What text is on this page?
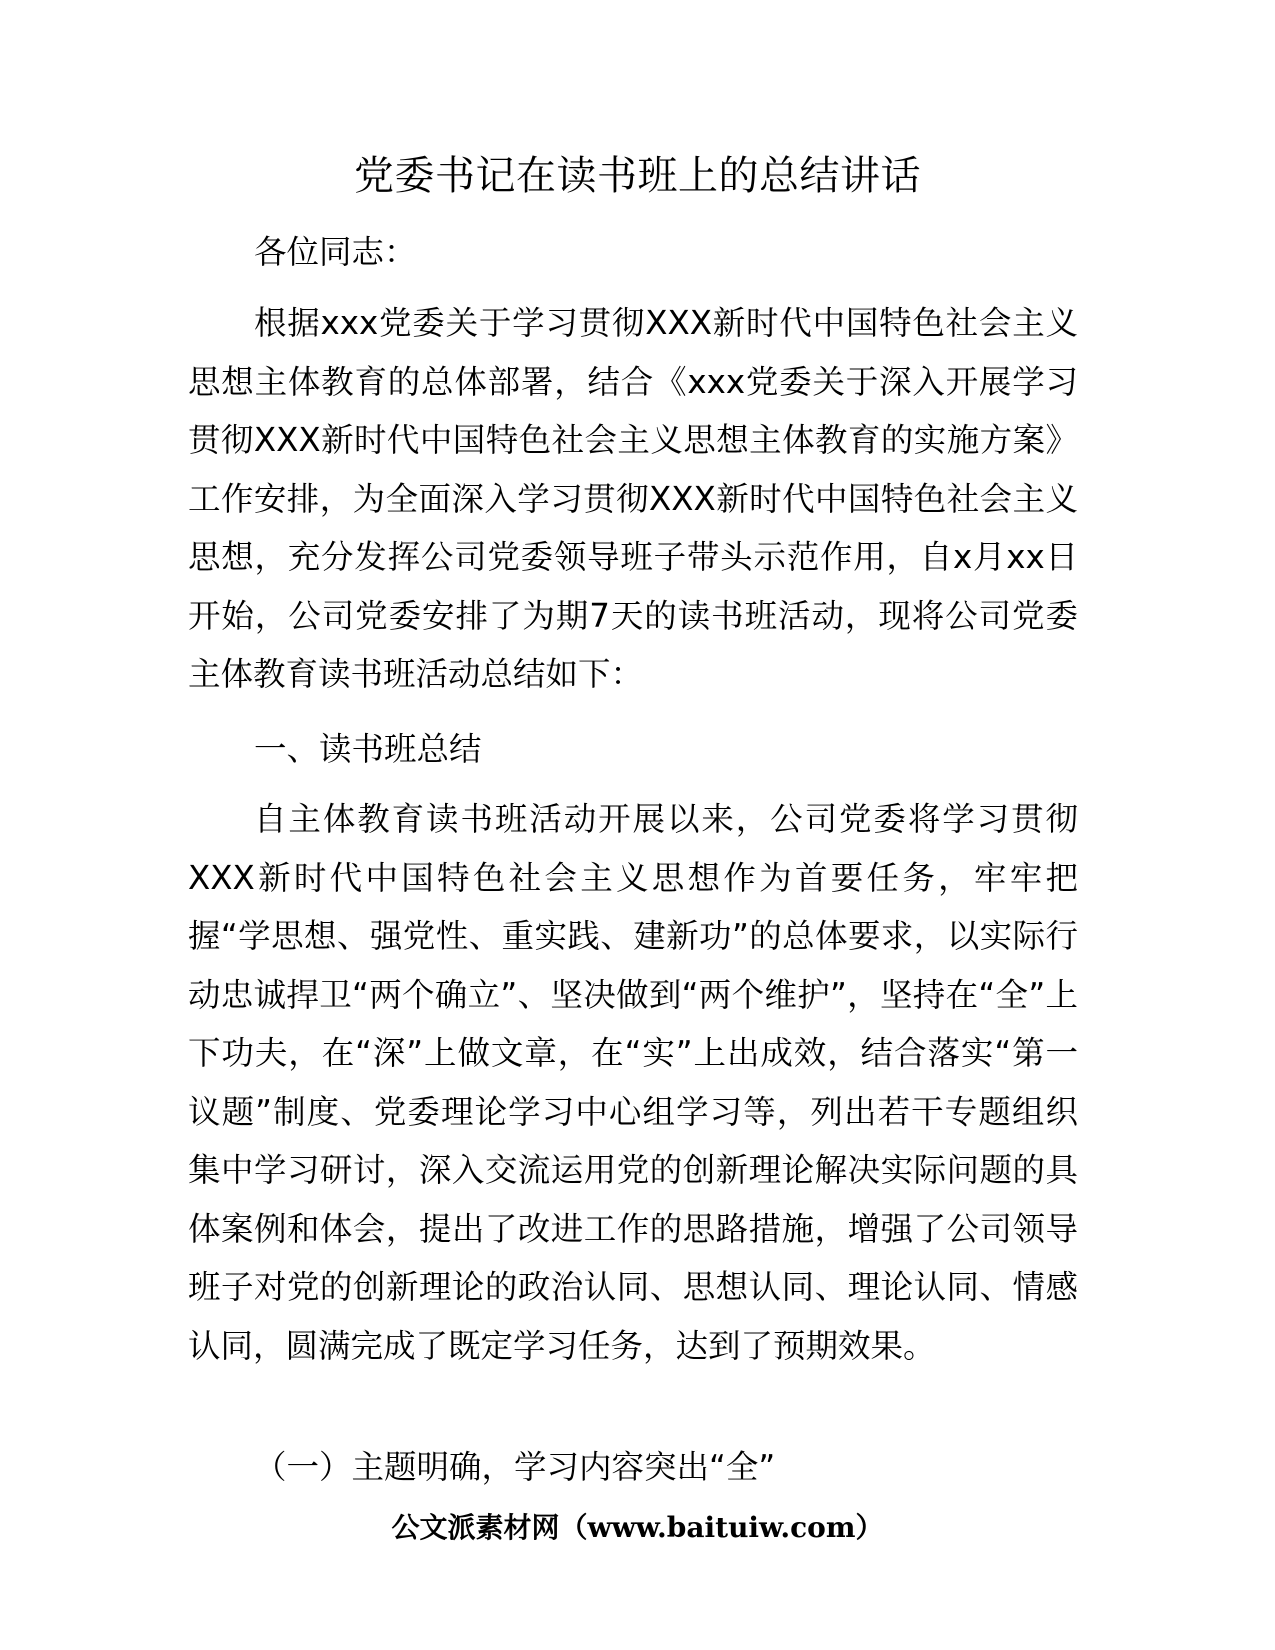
党委书记在读书班上的总结讲话

各位同志：

根据xxx党委关于学习贯彻XXX新时代中国特色社会主义思想主体教育的总体部署，结合《xxx党委关于深入开展学习贯彻XXX新时代中国特色社会主义思想主体教育的实施方案》工作安排，为全面深入学习贯彻XXX新时代中国特色社会主义思想，充分发挥公司党委领导班子带头示范作用，自x月xx日开始，公司党委安排了为期7天的读书班活动，现将公司党委主体教育读书班活动总结如下：

一、读书班总结

自主体教育读书班活动开展以来，公司党委将学习贯彻XXX新时代中国特色社会主义思想作为首要任务，牢牢把握“学思想、强党性、重实践、建新功”的总体要求，以实际行动忠诚捍卫“两个确立”、坚决做到“两个维护”，坚持在“全”上下功夫，在“深”上做文章，在“实”上出成效，结合落实“第一议题”制度、党委理论学习中心组学习等，列出若干专题组织集中学习研讨，深入交流运用党的创新理论解决实际问题的具体案例和体会，提出了改进工作的思路措施，增强了公司领导班子对党的创新理论的政治认同、思想认同、理论认同、情感认同，圆满完成了既定学习任务，达到了预期效果。

（一）主题明确，学习内容突出“全”

公文派素材网（www.baituiw.com）
